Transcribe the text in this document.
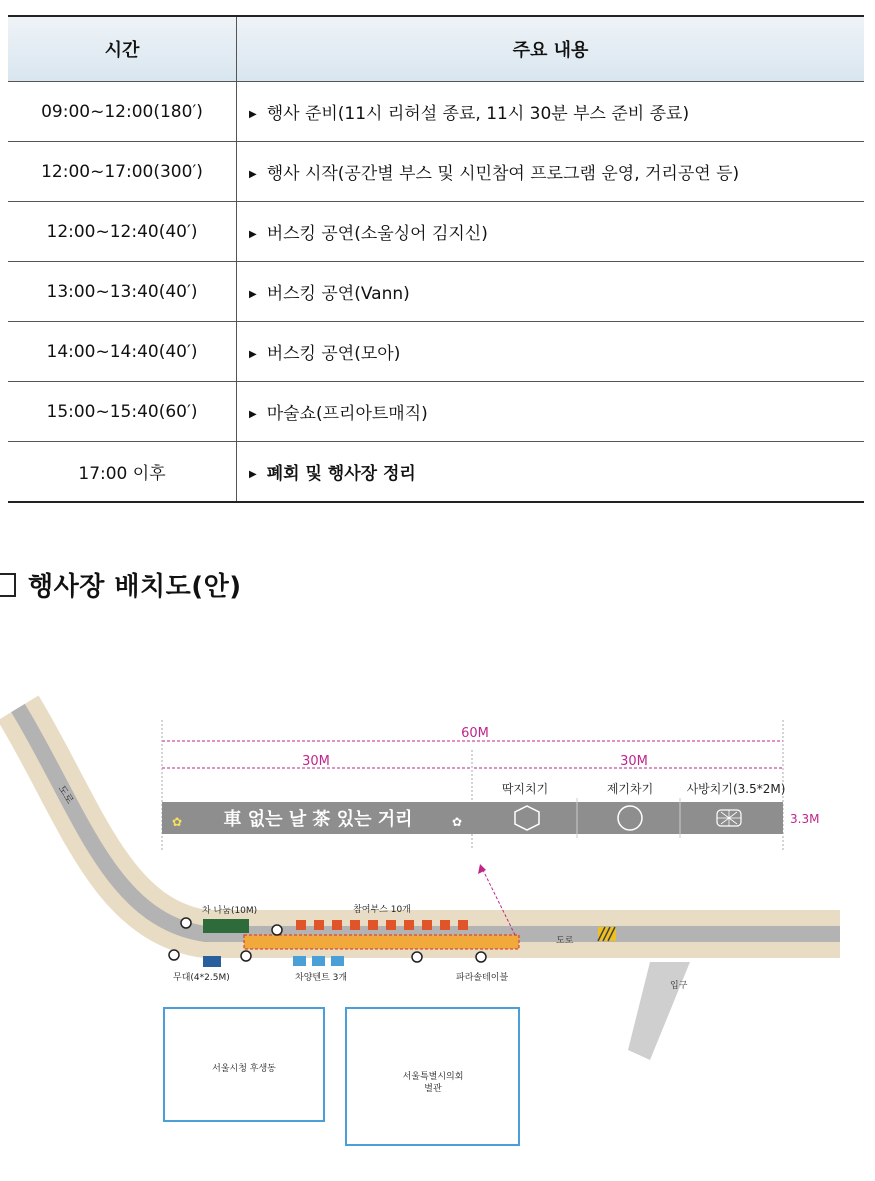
시간	주요 내용
09:00~12:00(180′)	▶ 행사 준비(11시 리허설 종료, 11시 30분 부스 준비 종료)
12:00~17:00(300′)	▶ 행사 시작(공간별 부스 및 시민참여 프로그램 운영, 거리공연 등)
12:00~12:40(40′)	▶ 버스킹 공연(소울싱어 김지신)
13:00~13:40(40′)	▶ 버스킹 공연(Vann)
14:00~14:40(40′)	▶ 버스킹 공연(모아)
15:00~15:40(60′)	▶ 마술쇼(프리아트매직)
17:00 이후	▶ 폐회 및 행사장 정리
행사장 배치도(안)
도로
도로
입구
60M
30M	30M
딱지치기	제기차기	사방치기(3.5*2M)
車 없는 날 茶 있는 거리
✿	✿	3.3M
참여부스 10개
차 나눔(10M)
무대(4*2.5M)	차양텐트 3개	파라솔테이블
서울시청 후생동
서울특별시의회
별관
